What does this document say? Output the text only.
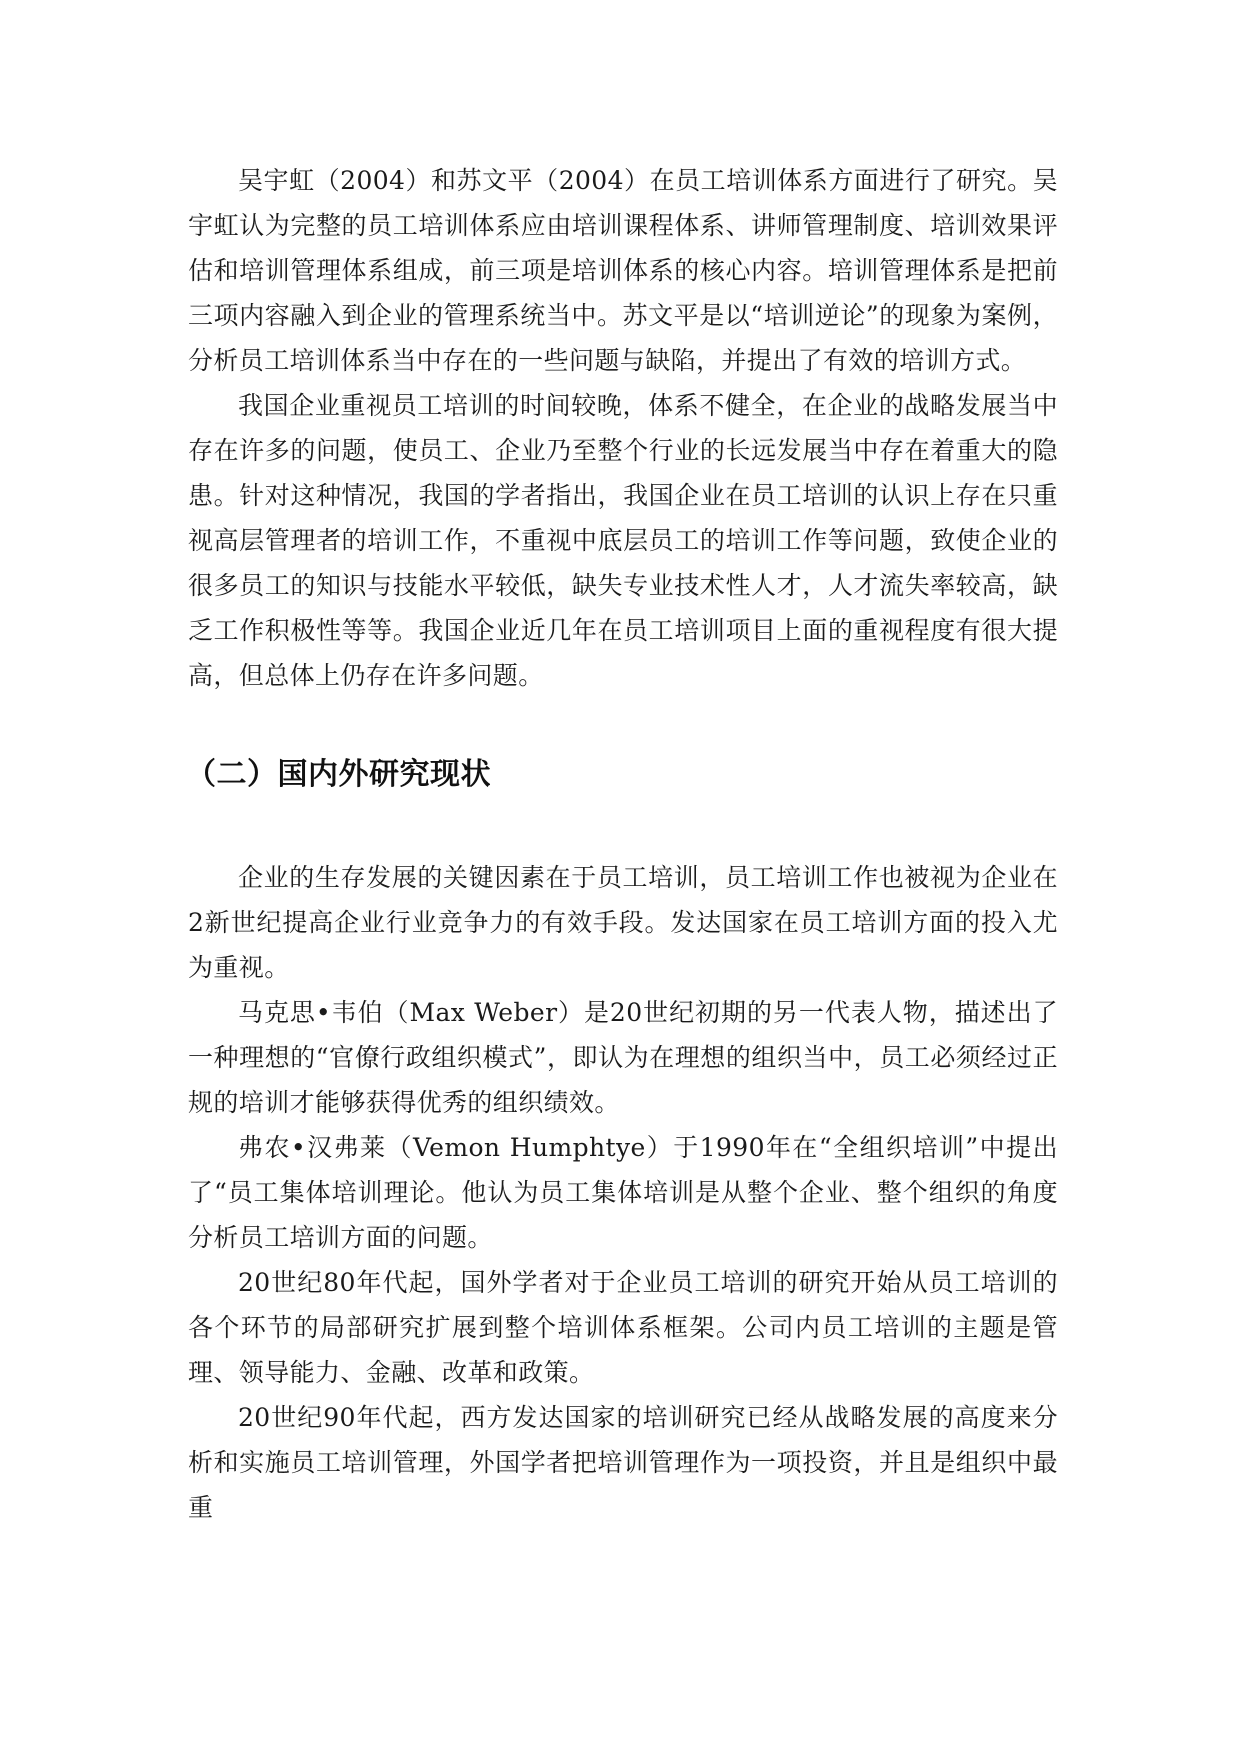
吴宇虹（2004）和苏文平（2004）在员工培训体系方面进行了研究。吴宇虹认为完整的员工培训体系应由培训课程体系、讲师管理制度、培训效果评估和培训管理体系组成，前三项是培训体系的核心内容。培训管理体系是把前三项内容融入到企业的管理系统当中。苏文平是以“培训逆论”的现象为案例，分析员工培训体系当中存在的一些问题与缺陷，并提出了有效的培训方式。

我国企业重视员工培训的时间较晚，体系不健全，在企业的战略发展当中存在许多的问题，使员工、企业乃至整个行业的长远发展当中存在着重大的隐患。针对这种情况，我国的学者指出，我国企业在员工培训的认识上存在只重视高层管理者的培训工作，不重视中底层员工的培训工作等问题，致使企业的很多员工的知识与技能水平较低，缺失专业技术性人才，人才流失率较高，缺乏工作积极性等等。我国企业近几年在员工培训项目上面的重视程度有很大提高，但总体上仍存在许多问题。

（二）国内外研究现状

企业的生存发展的关键因素在于员工培训，员工培训工作也被视为企业在2新世纪提高企业行业竞争力的有效手段。发达国家在员工培训方面的投入尤为重视。

马克思•韦伯（Max Weber）是20世纪初期的另一代表人物，描述出了一种理想的“官僚行政组织模式”，即认为在理想的组织当中，员工必须经过正规的培训才能够获得优秀的组织绩效。

弗农•汉弗莱（Vemon Humphtye）于1990年在“全组织培训”中提出了“员工集体培训理论。他认为员工集体培训是从整个企业、整个组织的角度分析员工培训方面的问题。

20世纪80年代起，国外学者对于企业员工培训的研究开始从员工培训的各个环节的局部研究扩展到整个培训体系框架。公司内员工培训的主题是管理、领导能力、金融、改革和政策。

20世纪90年代起，西方发达国家的培训研究已经从战略发展的高度来分析和实施员工培训管理，外国学者把培训管理作为一项投资，并且是组织中最重
